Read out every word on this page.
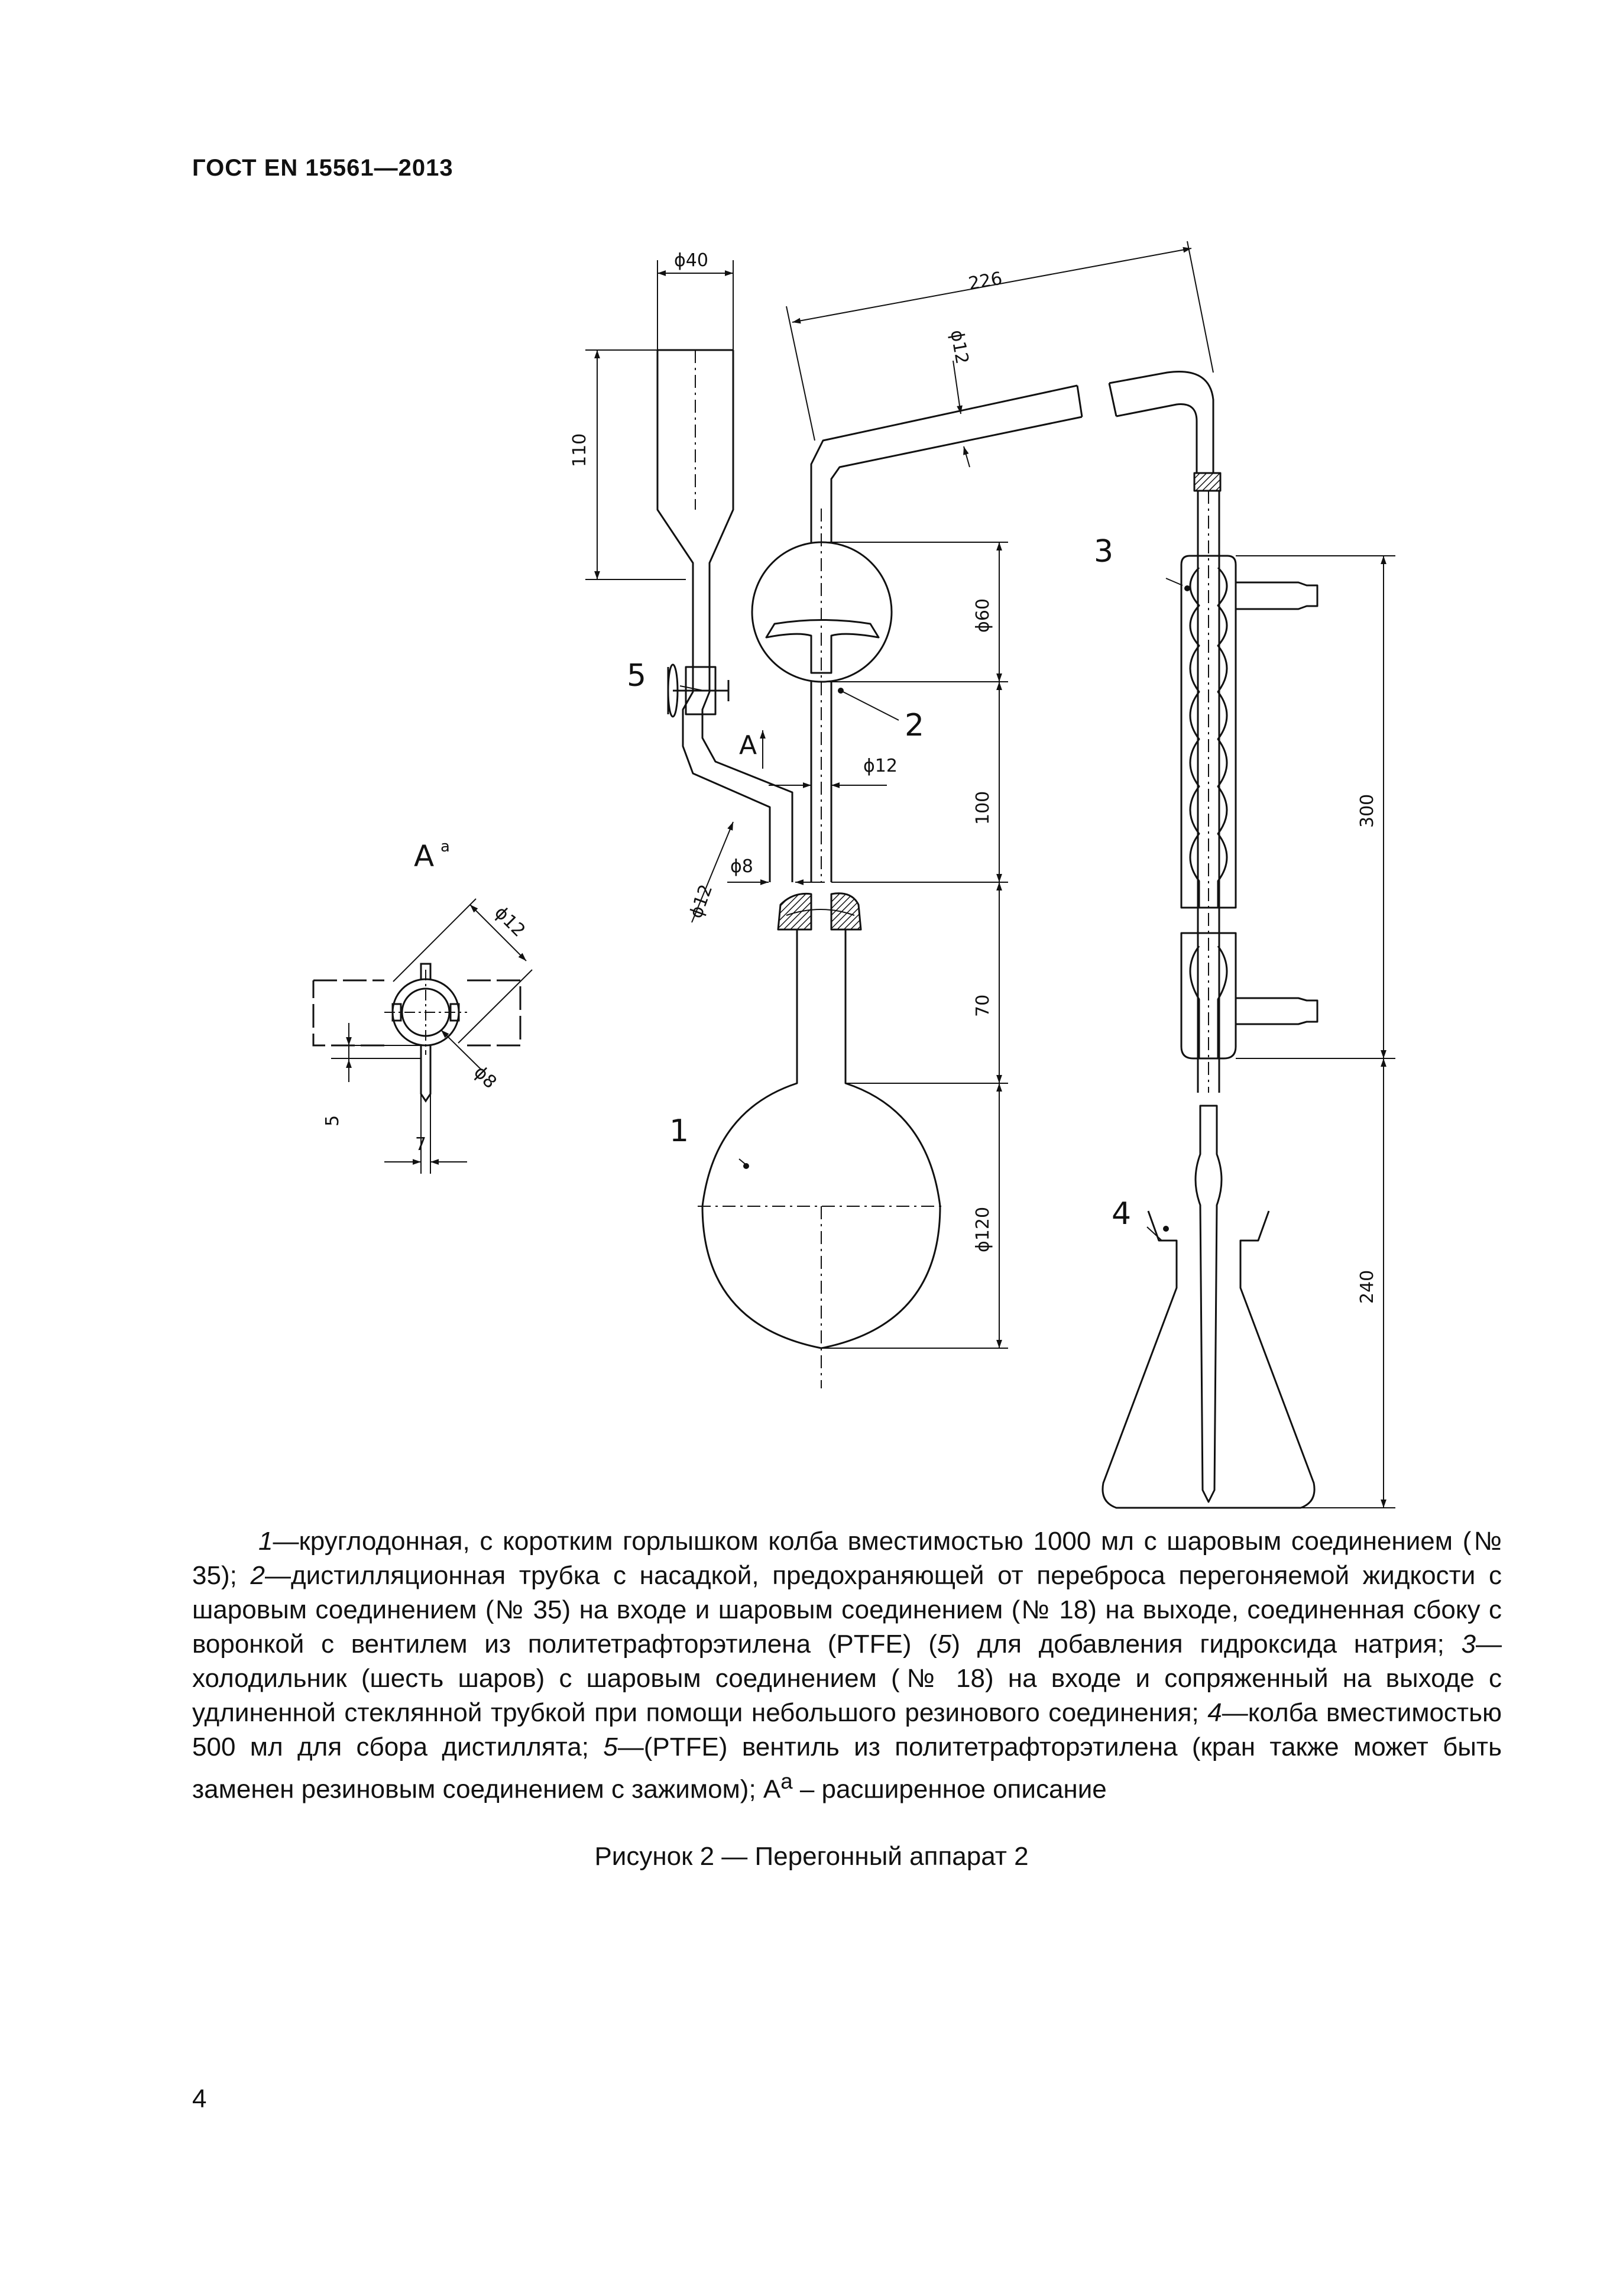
ГОСТ EN 15561—2013
1
2
3
4
5
A
A a
ϕ40
110
226
ϕ12
ϕ60
ϕ12
100
70
ϕ120
ϕ12
ϕ8
300
240
ϕ12
ϕ8
5
7
1—круглодонная, с коротким горлышком колба вместимостью 1000 мл с шаровым соединением (№ 35); 2—дистилляционная трубка с насадкой, предохраняющей от переброса перегоняемой жидкости с шаровым соединением (№ 35) на входе и шаровым соединением (№ 18) на выходе, соединенная сбоку с воронкой с вентилем из политетрафторэтилена (PTFE) (5) для добавления гидроксида натрия; 3—холодильник (шесть шаров) с шаровым соединением (№ 18) на входе и сопряженный на выходе с удлиненной стеклянной трубкой при помощи небольшого резинового соединения; 4—колба вместимостью 500 мл для сбора дистиллята; 5—(PTFE) вентиль из политетрафторэтилена (кран также может быть заменен резиновым соединением с зажимом); $A^a$ – расширенное описание
Рисунок 2 — Перегонный аппарат 2
4
